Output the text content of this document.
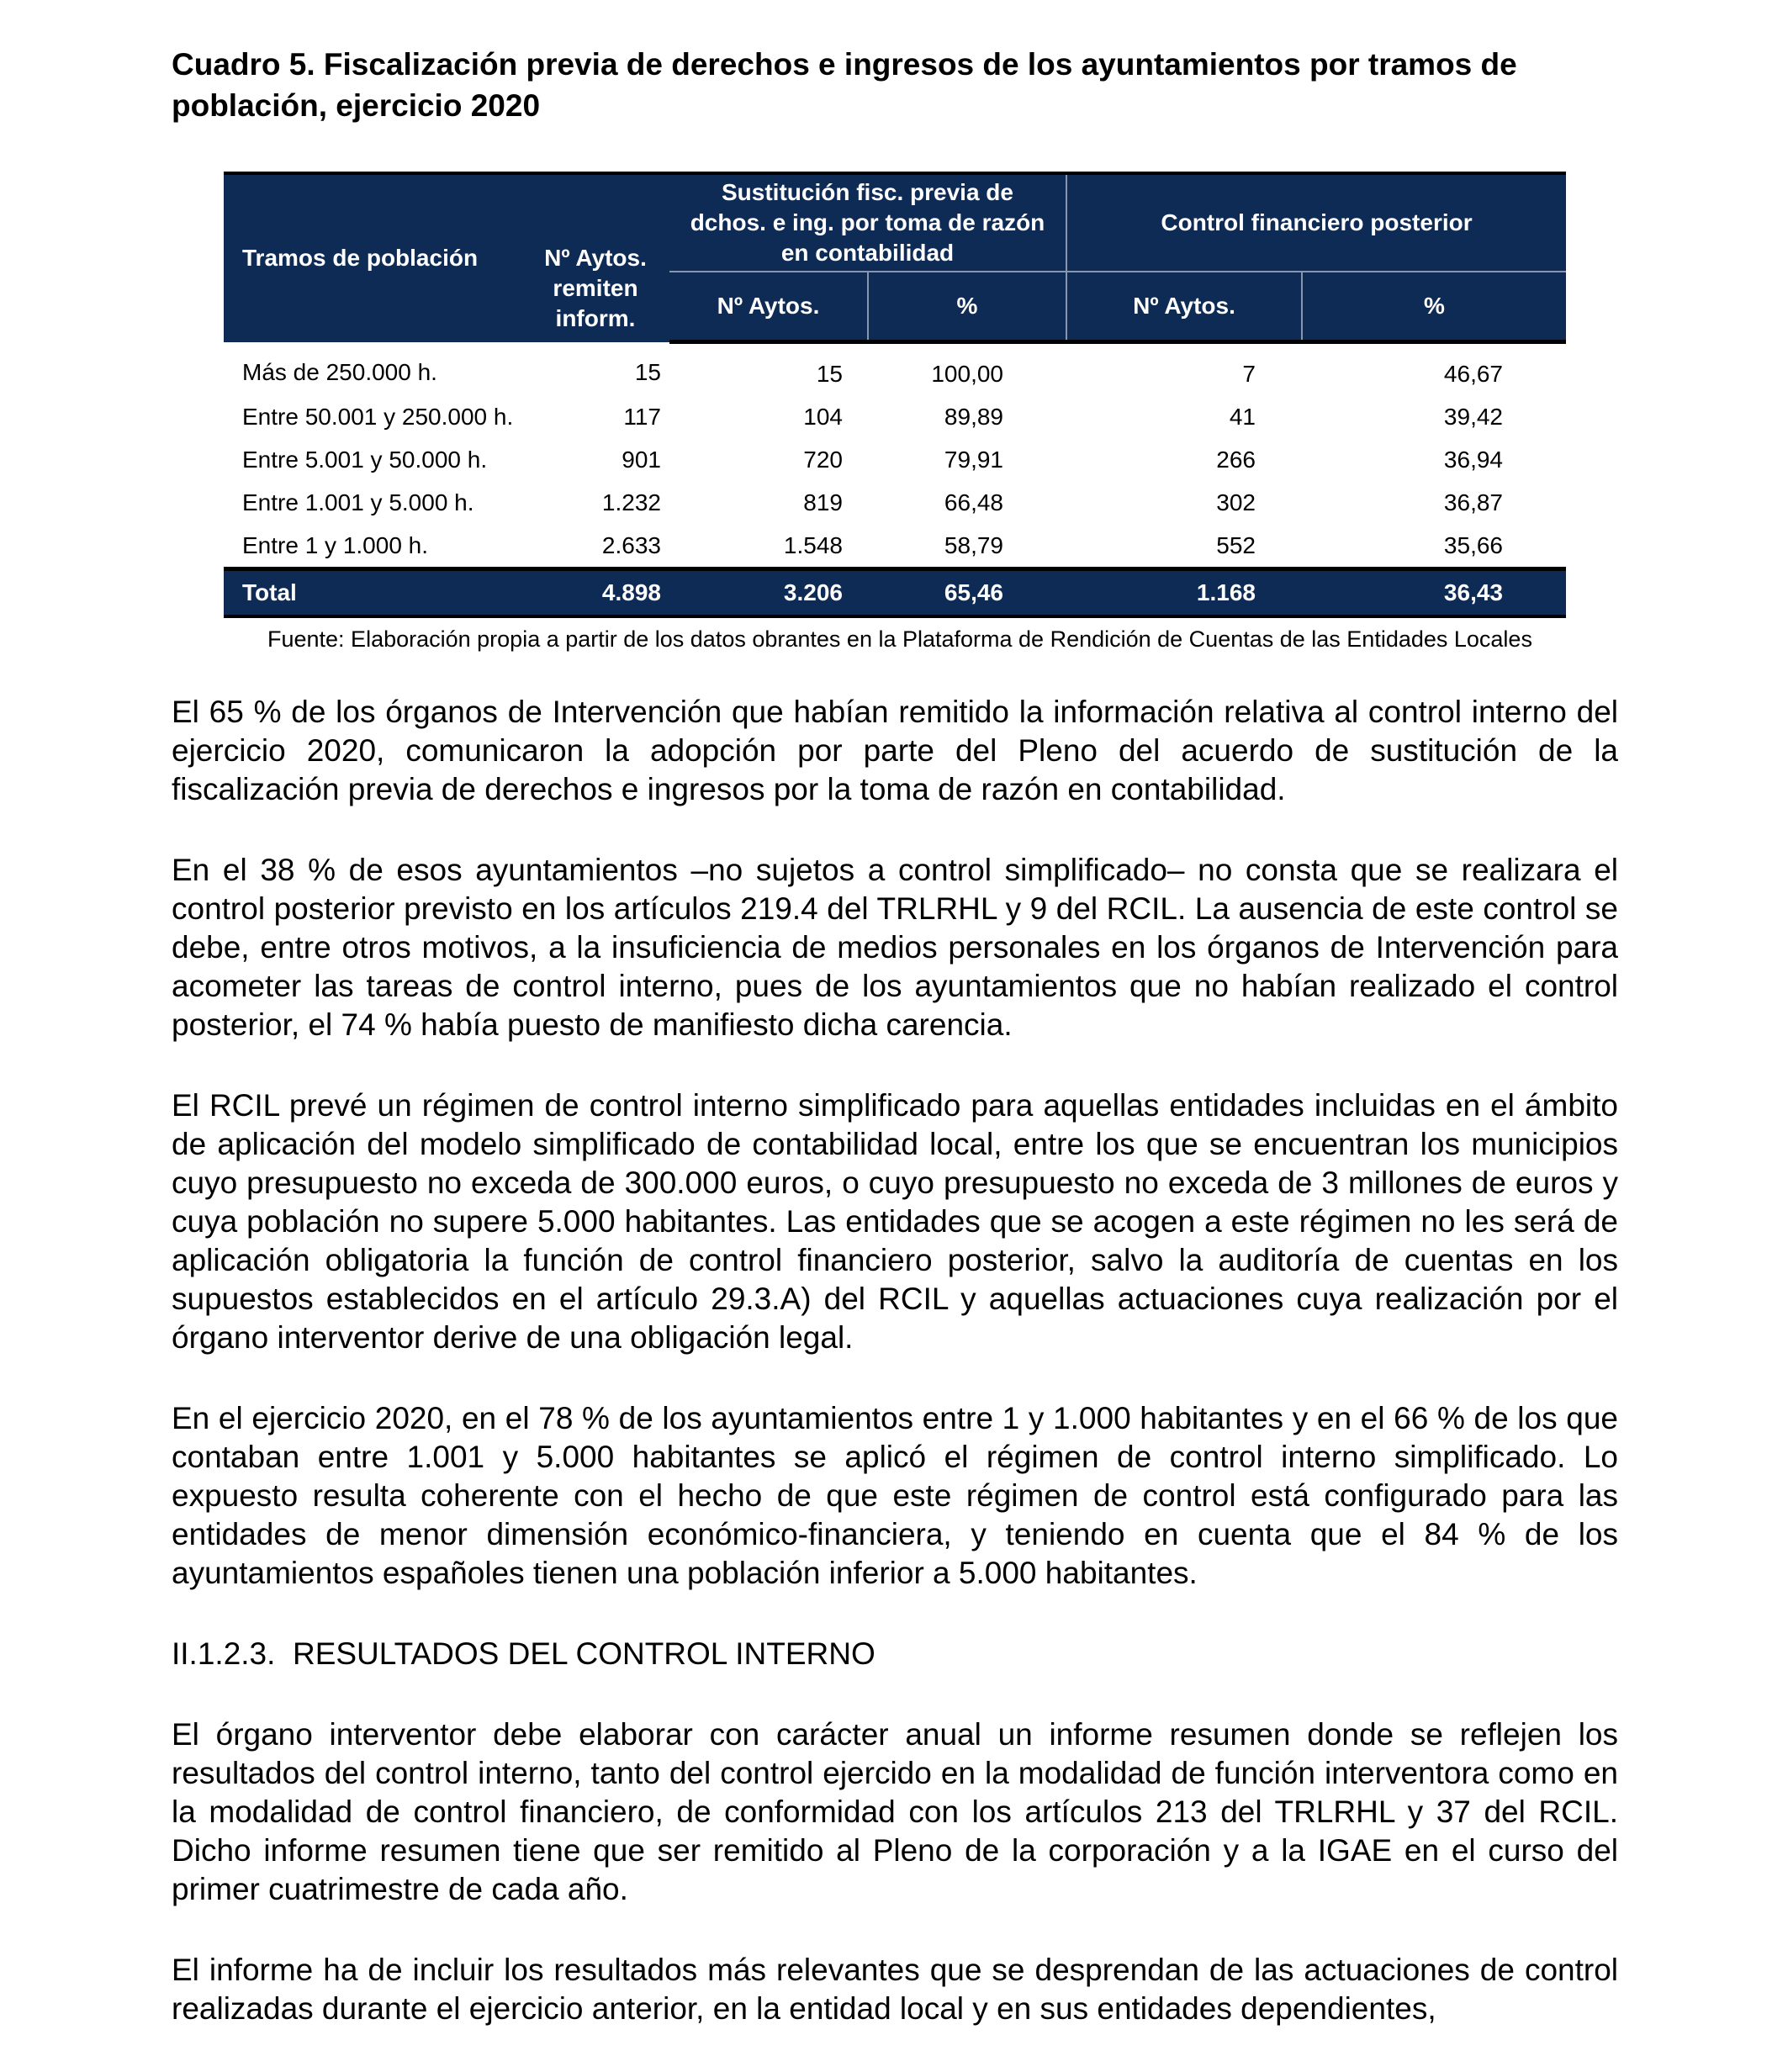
Cuadro 5. Fiscalización previa de derechos e ingresos de los ayuntamientos por tramos de población, ejercicio 2020

Tramos de población	Nº Aytos. remiten inform.	Sustitución fisc. previa de dchos. e ing. por toma de razón en contabilidad		Control financiero posterior	
		Nº Aytos.	%	Nº Aytos.	%
Más de 250.000 h.	15	15	100,00	7	46,67
Entre 50.001 y 250.000 h.	117	104	89,89	41	39,42
Entre 5.001 y 50.000 h.	901	720	79,91	266	36,94
Entre 1.001 y 5.000 h.	1.232	819	66,48	302	36,87
Entre 1 y 1.000 h.	2.633	1.548	58,79	552	35,66
Total	4.898	3.206	65,46	1.168	36,43
Fuente: Elaboración propia a partir de los datos obrantes en la Plataforma de Rendición de Cuentas de las Entidades Locales

El 65 % de los órganos de Intervención que habían remitido la información relativa al control interno del ejercicio 2020, comunicaron la adopción por parte del Pleno del acuerdo de sustitución de la fiscalización previa de derechos e ingresos por la toma de razón en contabilidad.

En el 38 % de esos ayuntamientos –no sujetos a control simplificado– no consta que se realizara el control posterior previsto en los artículos 219.4 del TRLRHL y 9 del RCIL. La ausencia de este control se debe, entre otros motivos, a la insuficiencia de medios personales en los órganos de Intervención para acometer las tareas de control interno, pues de los ayuntamientos que no habían realizado el control posterior, el 74 % había puesto de manifiesto dicha carencia.

El RCIL prevé un régimen de control interno simplificado para aquellas entidades incluidas en el ámbito de aplicación del modelo simplificado de contabilidad local, entre los que se encuentran los municipios cuyo presupuesto no exceda de 300.000 euros, o cuyo presupuesto no exceda de 3 millones de euros y cuya población no supere 5.000 habitantes. Las entidades que se acogen a este régimen no les será de aplicación obligatoria la función de control financiero posterior, salvo la auditoría de cuentas en los supuestos establecidos en el artículo 29.3.A) del RCIL y aquellas actuaciones cuya realización por el órgano interventor derive de una obligación legal.

En el ejercicio 2020, en el 78 % de los ayuntamientos entre 1 y 1.000 habitantes y en el 66 % de los que contaban entre 1.001 y 5.000 habitantes se aplicó el régimen de control interno simplificado. Lo expuesto resulta coherente con el hecho de que este régimen de control está configurado para las entidades de menor dimensión económico-financiera, y teniendo en cuenta que el 84 % de los ayuntamientos españoles tienen una población inferior a 5.000 habitantes.

II.1.2.3.  RESULTADOS DEL CONTROL INTERNO

El órgano interventor debe elaborar con carácter anual un informe resumen donde se reflejen los resultados del control interno, tanto del control ejercido en la modalidad de función interventora como en la modalidad de control financiero, de conformidad con los artículos 213 del TRLRHL y 37 del RCIL. Dicho informe resumen tiene que ser remitido al Pleno de la corporación y a la IGAE en el curso del primer cuatrimestre de cada año.

El informe ha de incluir los resultados más relevantes que se desprendan de las actuaciones de control realizadas durante el ejercicio anterior, en la entidad local y en sus entidades dependientes,
